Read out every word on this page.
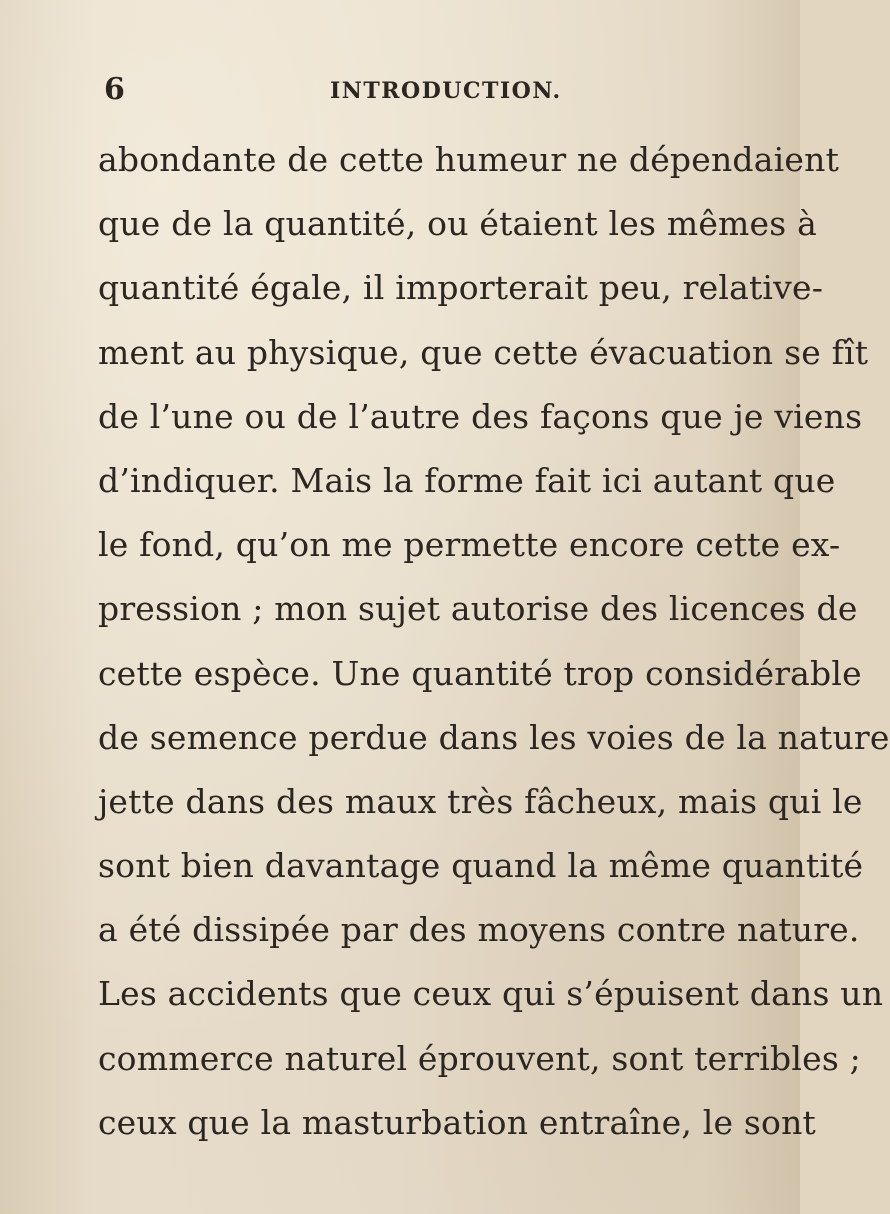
6	INTRODUCTION.
abondante de cette humeur ne dépendaient
que de la quantité, ou étaient les mêmes à
quantité égale, il importerait peu, relative-
ment au physique, que cette évacuation se fît
de l’une ou de l’autre des façons que je viens
d’indiquer. Mais la forme fait ici autant que
le fond, qu’on me permette encore cette ex-
pression ; mon sujet autorise des licences de
cette espèce. Une quantité trop considérable
de semence perdue dans les voies de la nature
jette dans des maux très fâcheux, mais qui le
sont bien davantage quand la même quantité
a été dissipée par des moyens contre nature.
Les accidents que ceux qui s’épuisent dans un
commerce naturel éprouvent, sont terribles ;
ceux que la masturbation entraîne, le sont
